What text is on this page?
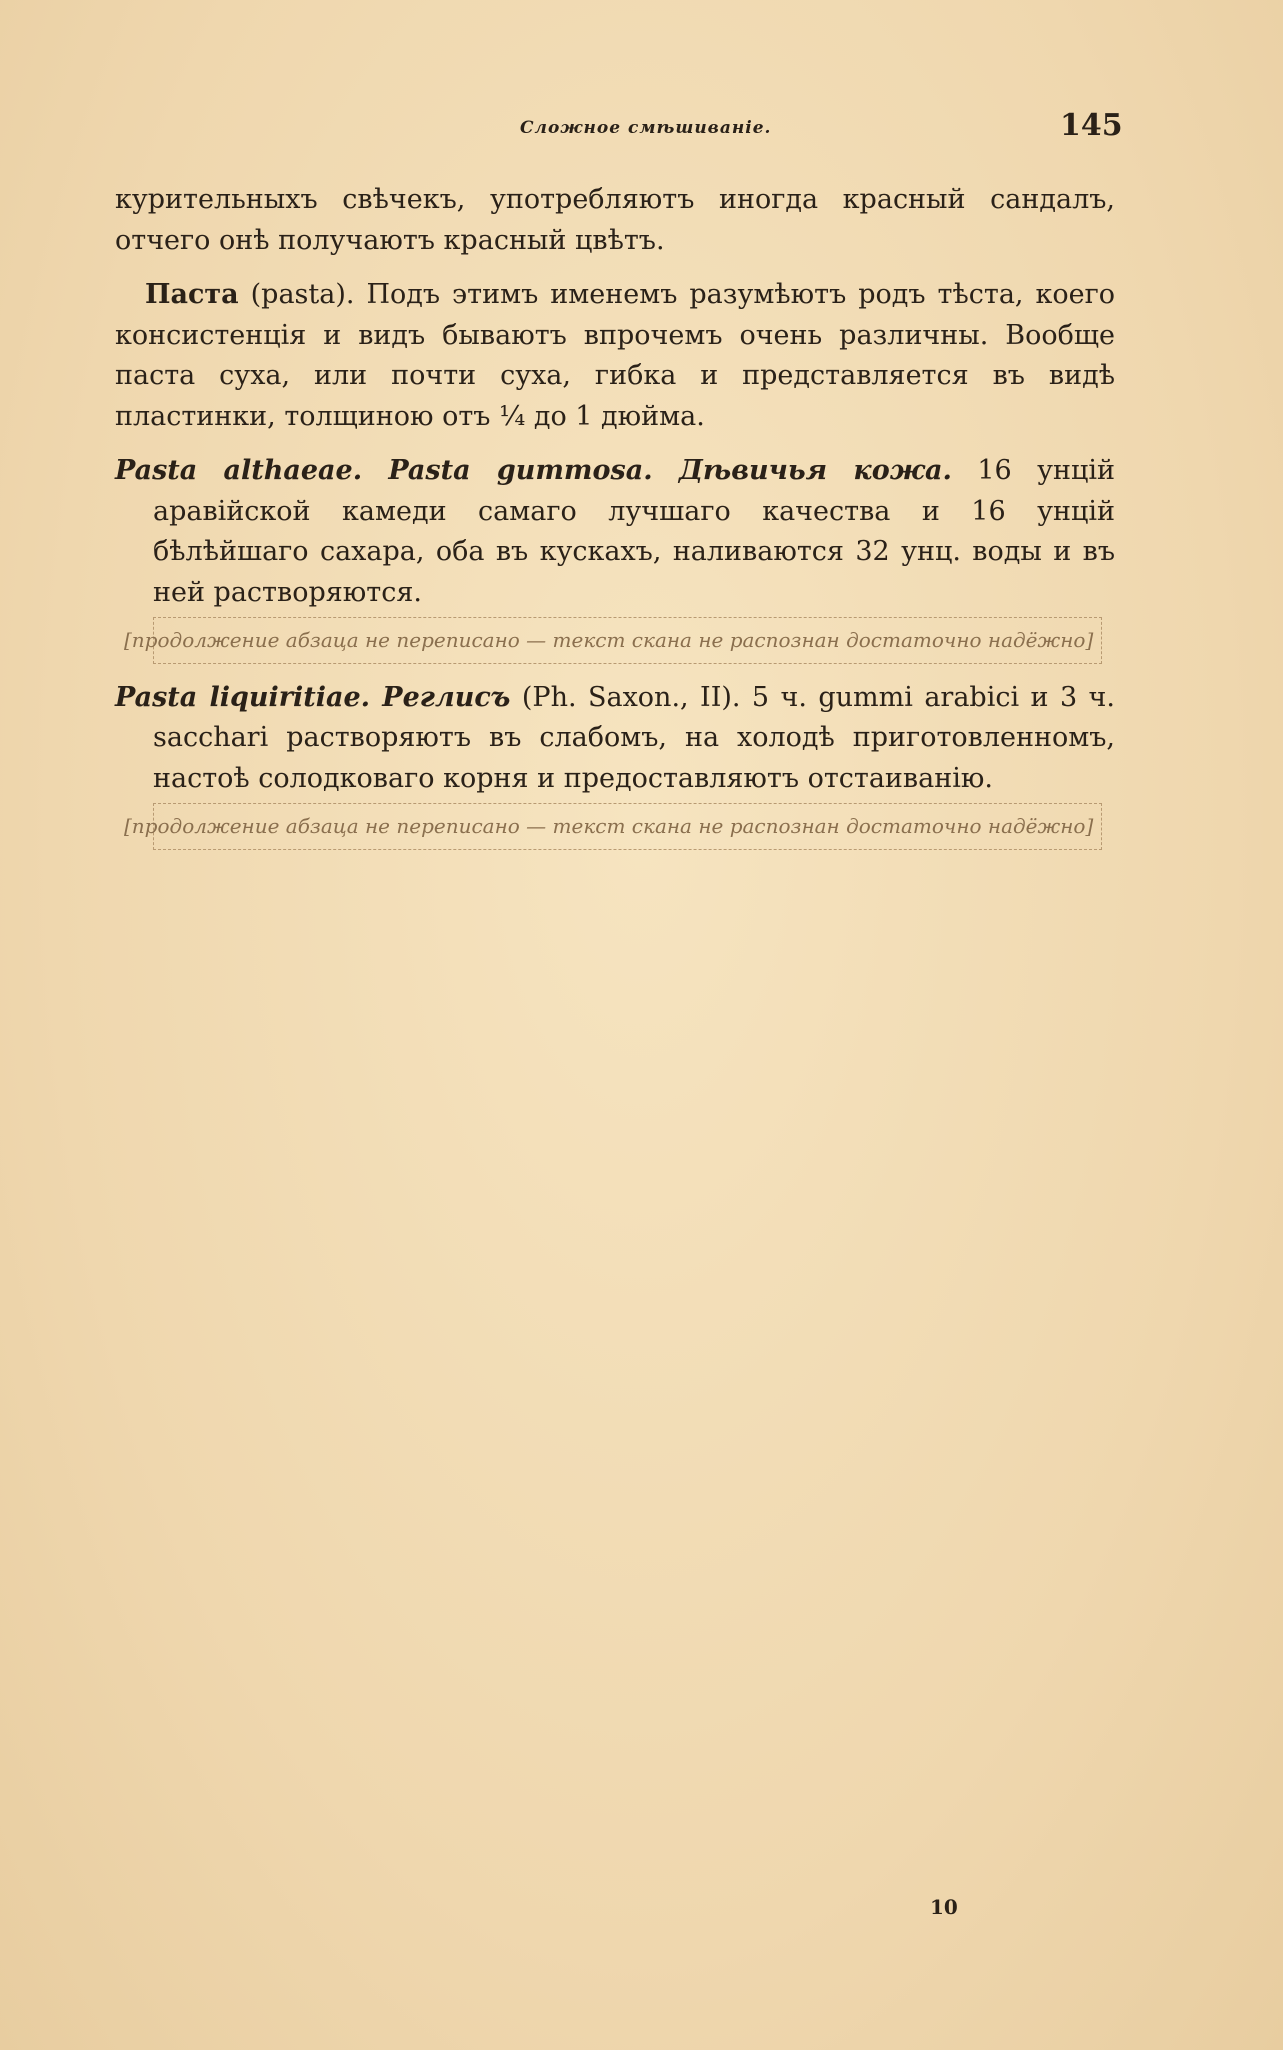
Сложное смѣшиваніе.	145

курительныхъ свѣчекъ, употребляютъ иногда красный сандалъ, отчего онѣ получаютъ красный цвѣтъ.

Паста (pasta). Подъ этимъ именемъ разумѣютъ родъ тѣста, коего консистенція и видъ бываютъ впрочемъ очень различны. Вообще паста суха, или почти суха, гибка и представляется въ видѣ пластинки, толщиною отъ ¼ до 1 дюйма.

Pasta althaeae. Pasta gummosa. Дѣвичья кожа. 16 унцій аравійской камеди самаго лучшаго качества и 16 унцій бѣлѣйшаго сахара, оба въ кускахъ, наливаются 32 унц. воды и въ ней растворяются.
[продолжение абзаца не переписано — текст скана не распознан достаточно надёжно]

Pasta liquiritiae. Реглисъ (Ph. Saxon., II). 5 ч. gummi arabici и 3 ч. sacchari растворяютъ въ слабомъ, на холодѣ приготовленномъ, настоѣ солодковаго корня и предоставляютъ отстаиванію.
[продолжение абзаца не переписано — текст скана не распознан достаточно надёжно]

10
